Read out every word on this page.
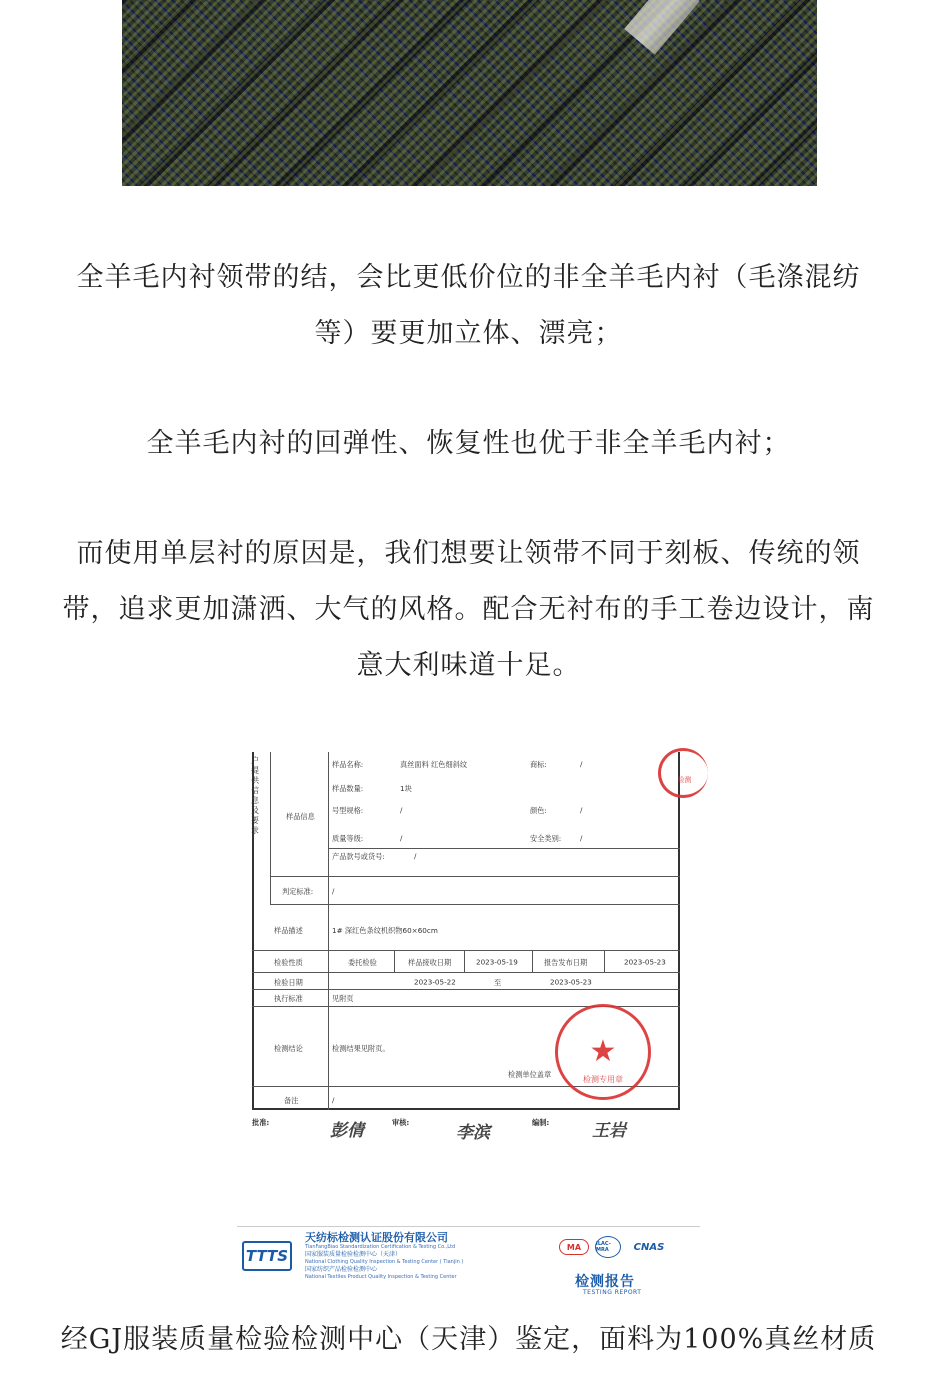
全羊毛内衬领带的结，会比更低价位的非全羊毛内衬（毛涤混纺等）要更加立体、漂亮；

全羊毛内衬的回弹性、恢复性也优于非全羊毛内衬；

而使用单层衬的原因是，我们想要让领带不同于刻板、传统的领带，追求更加潇洒、大气的风格。配合无衬布的手工卷边设计，南意大利味道十足。

户提供信息及要求
样品信息
样品名称:	真丝面料 红色细斜纹	商标:	/
样品数量:	1块
号型规格:	/	颜色:	/
质量等级:	/	安全类别: /
产品款号或货号:	/
判定标准: /
样品描述	1# 深红色条纹机织物60×60cm
检验性质	委托检验	样品接收日期	2023-05-19	报告发布日期	2023-05-23
检验日期	2023-05-22	至	2023-05-23
执行标准	见附页
检测结论	检测结果见附页。
检测单位盖章
备注	/
★
检测专用章
检测
批准:	彭倩	审核:
李滨
编制:	王岩
TTTS
天纺标检测认证股份有限公司
TianFangBiao Standardization Certification & Testing Co.,Ltd
国家服装质量检验检测中心（天津）
National Clothing Quality Inspection & Testing Center ( Tianjin )
国家纺织产品检验检测中心
National Textiles Product Quality Inspection & Testing Center
MA	ILAC-MRA	CNAS
检测报告
TESTING REPORT

经GJ服装质量检验检测中心（天津）鉴定，面料为100%真丝材质
